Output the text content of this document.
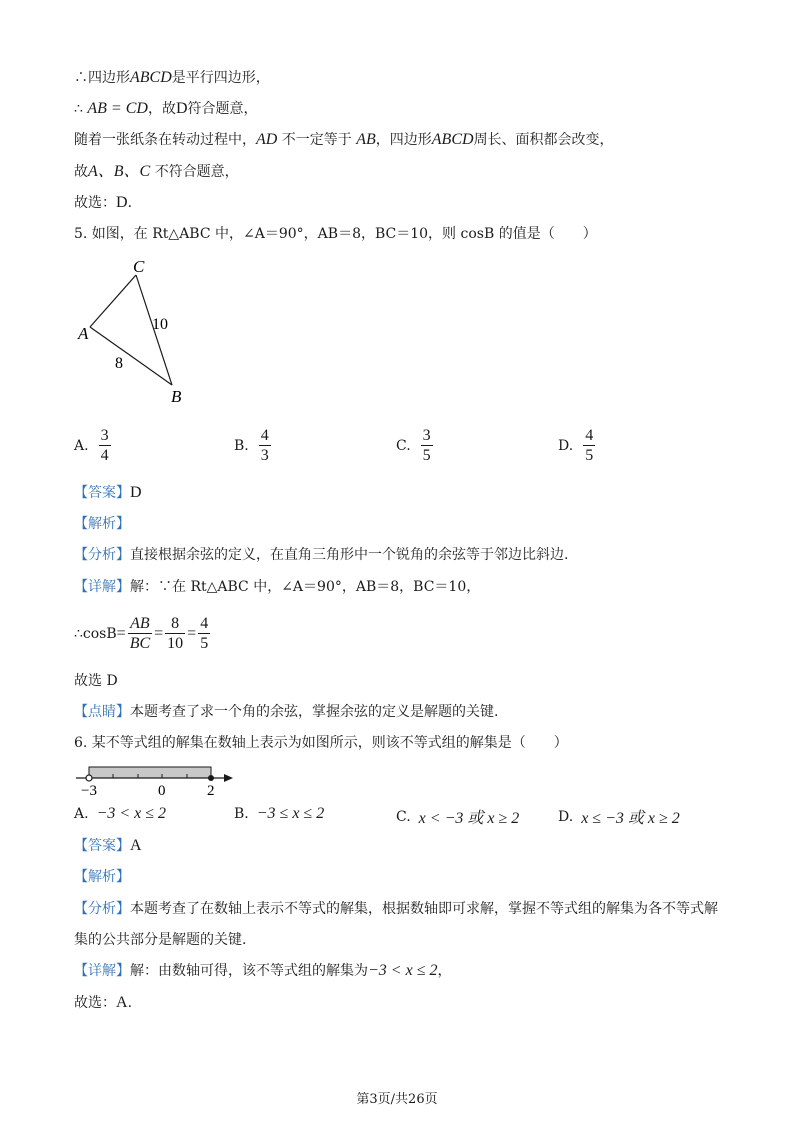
∴四边形ABCD是平行四边形，
∴ AB = CD，故D符合题意，
随着一张纸条在转动过程中，AD 不一定等于 AB，四边形ABCD周长、面积都会改变，
故A、B、C 不符合题意，
故选：D．
5. 如图，在 Rt△ABC 中，∠A＝90°，AB＝8，BC＝10，则 cosB 的值是（　　）
C
A
B
10
8
A. $\frac{3}{4}$	B. $\frac{4}{3}$	C. $\frac{3}{5}$	D. $\frac{4}{5}$
【答案】D
【解析】
【分析】直接根据余弦的定义，在直角三角形中一个锐角的余弦等于邻边比斜边.
【详解】解：∵在 Rt△ABC 中，∠A＝90°，AB＝8，BC＝10，
∴cosB = $\frac{AB}{BC} = \frac{8}{10} = \frac{4}{5}$
故选 D
【点睛】本题考查了求一个角的余弦，掌握余弦的定义是解题的关键.
6. 某不等式组的解集在数轴上表示为如图所示，则该不等式组的解集是（　　）
−3	0	2
A. −3 < x ≤ 2	B. −3 ≤ x ≤ 2	C. x < −3 或 x ≥ 2	D. x ≤ −3 或 x ≥ 2
【答案】A
【解析】
【分析】本题考查了在数轴上表示不等式的解集，根据数轴即可求解，掌握不等式组的解集为各不等式解
集的公共部分是解题的关键.
【详解】解：由数轴可得，该不等式组的解集为−3 < x ≤ 2，
故选：A.
第3页/共26页
